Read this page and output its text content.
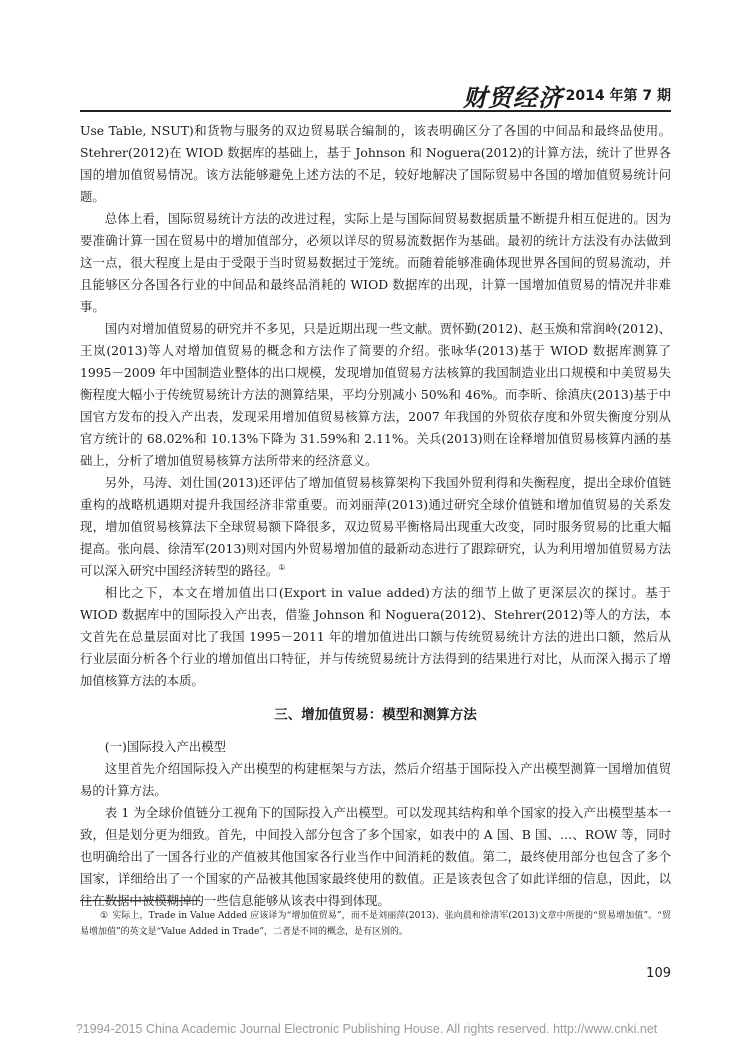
财贸经济 2014 年第 7 期

Use Table, NSUT)和货物与服务的双边贸易联合编制的，该表明确区分了各国的中间品和最终品使用。Stehrer(2012)在 WIOD 数据库的基础上，基于 Johnson 和 Noguera(2012)的计算方法，统计了世界各国的增加值贸易情况。该方法能够避免上述方法的不足，较好地解决了国际贸易中各国的增加值贸易统计问题。

总体上看，国际贸易统计方法的改进过程，实际上是与国际间贸易数据质量不断提升相互促进的。因为要准确计算一国在贸易中的增加值部分，必须以详尽的贸易流数据作为基础。最初的统计方法没有办法做到这一点，很大程度上是由于受限于当时贸易数据过于笼统。而随着能够准确体现世界各国间的贸易流动，并且能够区分各国各行业的中间品和最终品消耗的 WIOD 数据库的出现，计算一国增加值贸易的情况并非难事。

国内对增加值贸易的研究并不多见，只是近期出现一些文献。贾怀勤(2012)、赵玉焕和常润岭(2012)、王岚(2013)等人对增加值贸易的概念和方法作了简要的介绍。张咏华(2013)基于 WIOD 数据库测算了 1995－2009 年中国制造业整体的出口规模，发现增加值贸易方法核算的我国制造业出口规模和中美贸易失衡程度大幅小于传统贸易统计方法的测算结果，平均分别减小 50%和 46%。而李昕、徐滇庆(2013)基于中国官方发布的投入产出表，发现采用增加值贸易核算方法，2007 年我国的外贸依存度和外贸失衡度分别从官方统计的 68.02%和 10.13%下降为 31.59%和 2.11%。关兵(2013)则在诠释增加值贸易核算内涵的基础上，分析了增加值贸易核算方法所带来的经济意义。

另外，马涛、刘仕国(2013)还评估了增加值贸易核算架构下我国外贸利得和失衡程度，提出全球价值链重构的战略机遇期对提升我国经济非常重要。而刘丽萍(2013)通过研究全球价值链和增加值贸易的关系发现，增加值贸易核算法下全球贸易额下降很多，双边贸易平衡格局出现重大改变，同时服务贸易的比重大幅提高。张向晨、徐清军(2013)则对国内外贸易增加值的最新动态进行了跟踪研究，认为利用增加值贸易方法可以深入研究中国经济转型的路径。①

相比之下，本文在增加值出口(Export in value added)方法的细节上做了更深层次的探讨。基于 WIOD 数据库中的国际投入产出表，借鉴 Johnson 和 Noguera(2012)、Stehrer(2012)等人的方法，本文首先在总量层面对比了我国 1995－2011 年的增加值进出口额与传统贸易统计方法的进出口额，然后从行业层面分析各个行业的增加值出口特征，并与传统贸易统计方法得到的结果进行对比，从而深入揭示了增加值核算方法的本质。

三、增加值贸易：模型和测算方法

(一)国际投入产出模型

这里首先介绍国际投入产出模型的构建框架与方法，然后介绍基于国际投入产出模型测算一国增加值贸易的计算方法。

表 1 为全球价值链分工视角下的国际投入产出模型。可以发现其结构和单个国家的投入产出模型基本一致，但是划分更为细致。首先，中间投入部分包含了多个国家，如表中的 A 国、B 国、…、ROW 等，同时也明确给出了一国各行业的产值被其他国家各行业当作中间消耗的数值。第二，最终使用部分也包含了多个国家，详细给出了一个国家的产品被其他国家最终使用的数值。正是该表包含了如此详细的信息，因此，以往在数据中被模糊掉的一些信息能够从该表中得到体现。

① 实际上，Trade in Value Added 应该译为“增加值贸易”，而不是刘丽萍(2013)、张向晨和徐清军(2013)文章中所提的“贸易增加值”。“贸易增加值”的英文是“Value Added in Trade”，二者是不同的概念，是有区别的。
109
?1994-2015 China Academic Journal Electronic Publishing House. All rights reserved. http://www.cnki.net
